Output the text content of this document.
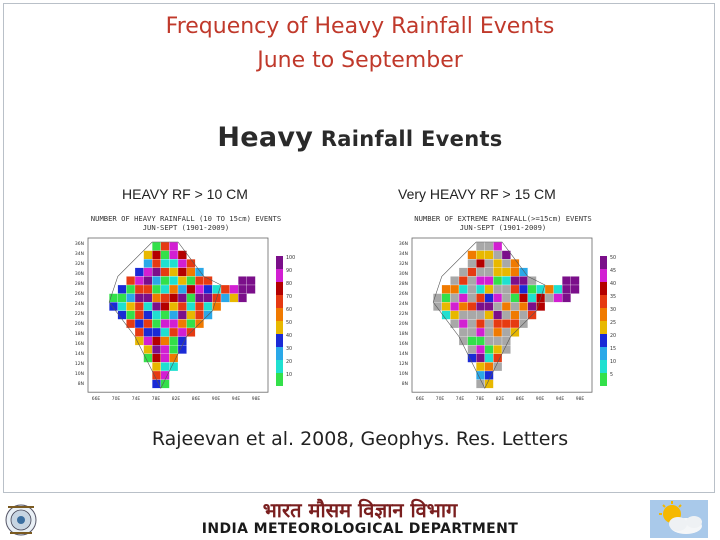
Frequency of Heavy Rainfall Events
June to September
Heavy Rainfall Events
HEAVY RF > 10 CM	Very HEAVY RF > 15 CM
NUMBER OF HEAVY RAINFALL (10 TO 15cm) EVENTS
JUN-SEPT (1901-2009)
NUMBER OF EXTREME RAINFALL(>=15cm) EVENTS
JUN-SEPT (1901-2009)
36N
34N
32N
30N
28N
26N
24N
22N
20N
18N
16N
14N
12N
10N
8N
66E	70E	74E	78E	82E	86E	90E	94E	98E
100
90
80
70
60
50
40
30
20
10
36N
34N
32N
30N
28N
26N
24N
22N
20N
18N
16N
14N
12N
10N
8N
66E	70E	74E	78E	82E	86E	90E	94E	98E
50
45
40
35
30
25
20
15
10
5
Rajeevan et al. 2008, Geophys. Res. Letters
भारत मौसम विज्ञान विभाग
INDIA METEOROLOGICAL DEPARTMENT
